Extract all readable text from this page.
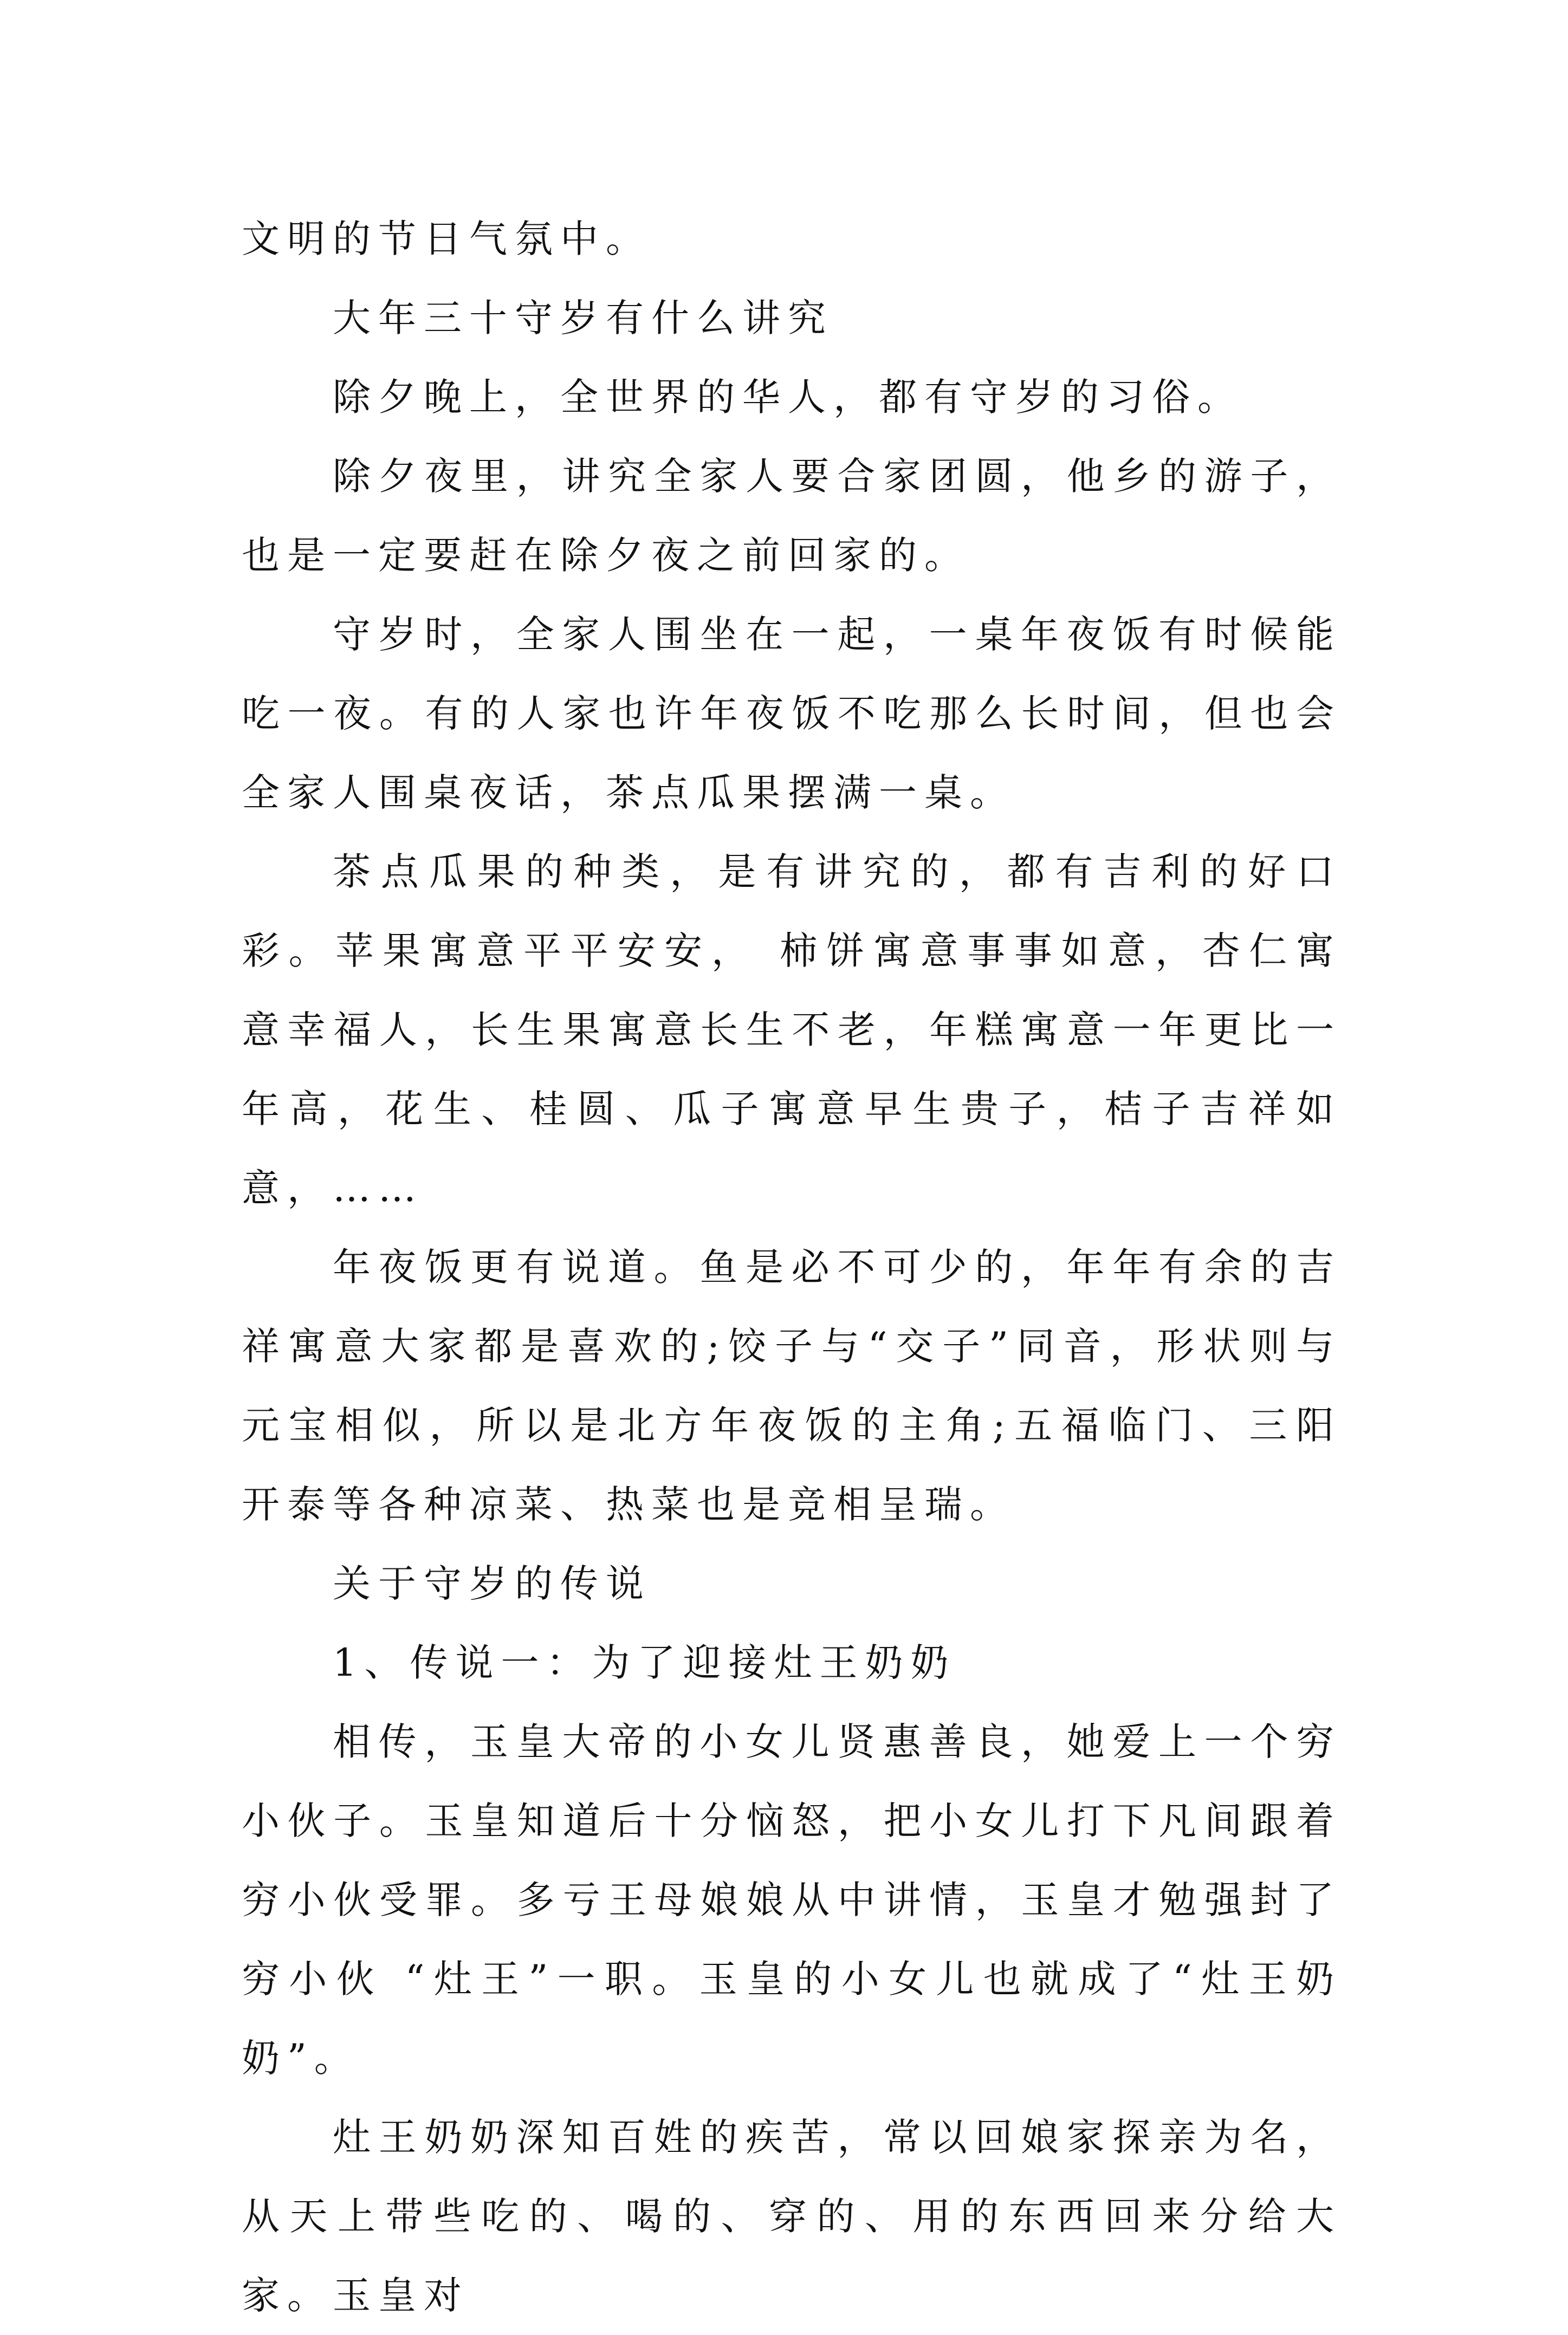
文明的节日气氛中。

大年三十守岁有什么讲究

除夕晚上，全世界的华人，都有守岁的习俗。

除夕夜里，讲究全家人要合家团圆，他乡的游子，也是一定要赶在除夕夜之前回家的。

守岁时，全家人围坐在一起，一桌年夜饭有时候能吃一夜。有的人家也许年夜饭不吃那么长时间，但也会全家人围桌夜话，茶点瓜果摆满一桌。

茶点瓜果的种类，是有讲究的，都有吉利的好口彩。苹果寓意平平安安， 柿饼寓意事事如意，杏仁寓意幸福人，长生果寓意长生不老，年糕寓意一年更比一年高，花生、桂圆、瓜子寓意早生贵子，桔子吉祥如意，……

年夜饭更有说道。鱼是必不可少的，年年有余的吉祥寓意大家都是喜欢的;饺子与“交子”同音，形状则与元宝相似，所以是北方年夜饭的主角;五福临门、三阳开泰等各种凉菜、热菜也是竞相呈瑞。

关于守岁的传说

1、传说一：为了迎接灶王奶奶

相传，玉皇大帝的小女儿贤惠善良，她爱上一个穷小伙子。玉皇知道后十分恼怒，把小女儿打下凡间跟着穷小伙受罪。多亏王母娘娘从中讲情，玉皇才勉强封了穷小伙 “灶王”一职。玉皇的小女儿也就成了“灶王奶奶”。

灶王奶奶深知百姓的疾苦，常以回娘家探亲为名，从天上带些吃的、喝的、穿的、用的东西回来分给大家。玉皇对
